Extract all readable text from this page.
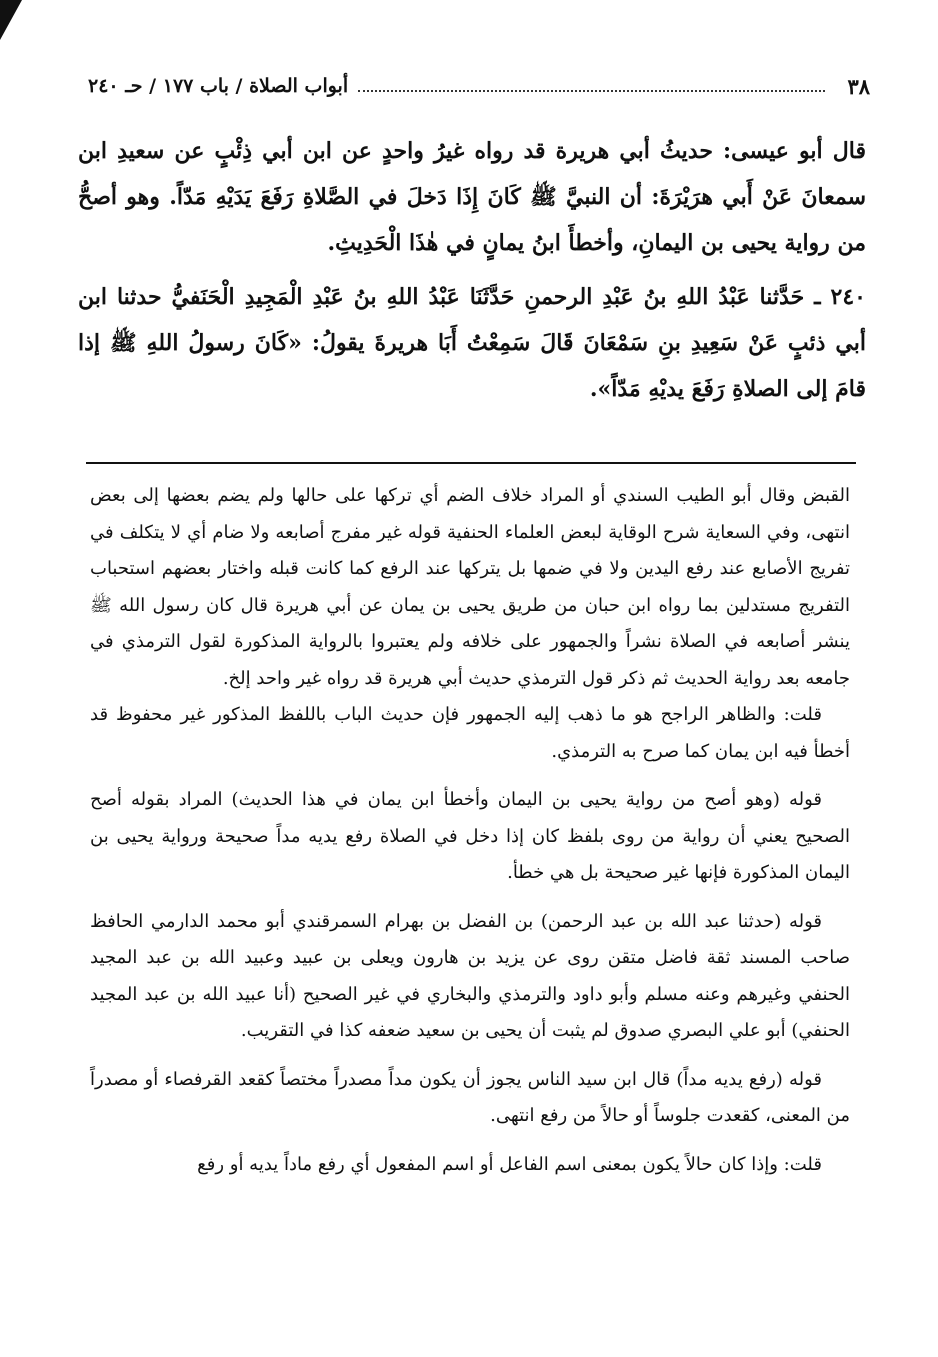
٣٨
أبواب الصلاة / باب ١٧٧ / حـ ٢٤٠

قال أبو عيسى: حديثُ أبي هريرة قد رواه غيرُ واحدٍ عن ابن أبي ذِئْبٍ عن سعيدِ ابن سمعانَ عَنْ أَبي هرَيْرَةَ: أن النبيَّ ﷺ كَانَ إِذَا دَخلَ في الصَّلاةِ رَفَعَ يَدَيْهِ مَدّاً. وهو أصحُّ من رواية يحيى بن اليمانِ، وأخطأَ ابنُ يمانٍ في هٰذَا الْحَدِيثِ.

٢٤٠ ـ حَدَّثنا عَبْدُ اللهِ بنُ عَبْدِ الرحمنِ حَدَّثَنَا عَبْدُ اللهِ بنُ عَبْدِ الْمَجِيدِ الْحَنَفيُّ حدثنا ابن أبي ذئبٍ عَنْ سَعِيدِ بنِ سَمْعَانَ قَالَ سَمِعْتُ أَبَا هريرةَ يقولُ: «كَانَ رسولُ اللهِ ﷺ إذا قامَ إلى الصلاةِ رَفَعَ يديْهِ مَدّاً».

القبض وقال أبو الطيب السندي أو المراد خلاف الضم أي تركها على حالها ولم يضم بعضها إلى بعض انتهى، وفي السعاية شرح الوقاية لبعض العلماء الحنفية قوله غير مفرج أصابعه ولا ضام أي لا يتكلف في تفريج الأصابع عند رفع اليدين ولا في ضمها بل يتركها عند الرفع كما كانت قبله واختار بعضهم استحباب التفريج مستدلين بما رواه ابن حبان من طريق يحيى بن يمان عن أبي هريرة قال كان رسول الله ﷺ ينشر أصابعه في الصلاة نشراً والجمهور على خلافه ولم يعتبروا بالرواية المذكورة لقول الترمذي في جامعه بعد رواية الحديث ثم ذكر قول الترمذي حديث أبي هريرة قد رواه غير واحد إلخ.

قلت: والظاهر الراجح هو ما ذهب إليه الجمهور فإن حديث الباب باللفظ المذكور غير محفوظ قد أخطأ فيه ابن يمان كما صرح به الترمذي.

قوله (وهو أصح من رواية يحيى بن اليمان وأخطأ ابن يمان في هذا الحديث) المراد بقوله أصح الصحيح يعني أن رواية من روى بلفظ كان إذا دخل في الصلاة رفع يديه مداً صحيحة ورواية يحيى بن اليمان المذكورة فإنها غير صحيحة بل هي خطأ.

قوله (حدثنا عبد الله بن عبد الرحمن) بن الفضل بن بهرام السمرقندي أبو محمد الدارمي الحافظ صاحب المسند ثقة فاضل متقن روى عن يزيد بن هارون ويعلى بن عبيد وعبيد الله بن عبد المجيد الحنفي وغيرهم وعنه مسلم وأبو داود والترمذي والبخاري في غير الصحيح (أنا عبيد الله بن عبد المجيد الحنفي) أبو علي البصري صدوق لم يثبت أن يحيى بن سعيد ضعفه كذا في التقريب.

قوله (رفع يديه مداً) قال ابن سيد الناس يجوز أن يكون مداً مصدراً مختصاً كقعد القرفصاء أو مصدراً من المعنى، كقعدت جلوساً أو حالاً من رفع انتهى.

قلت: وإذا كان حالاً يكون بمعنى اسم الفاعل أو اسم المفعول أي رفع ماداً يديه أو رفع
